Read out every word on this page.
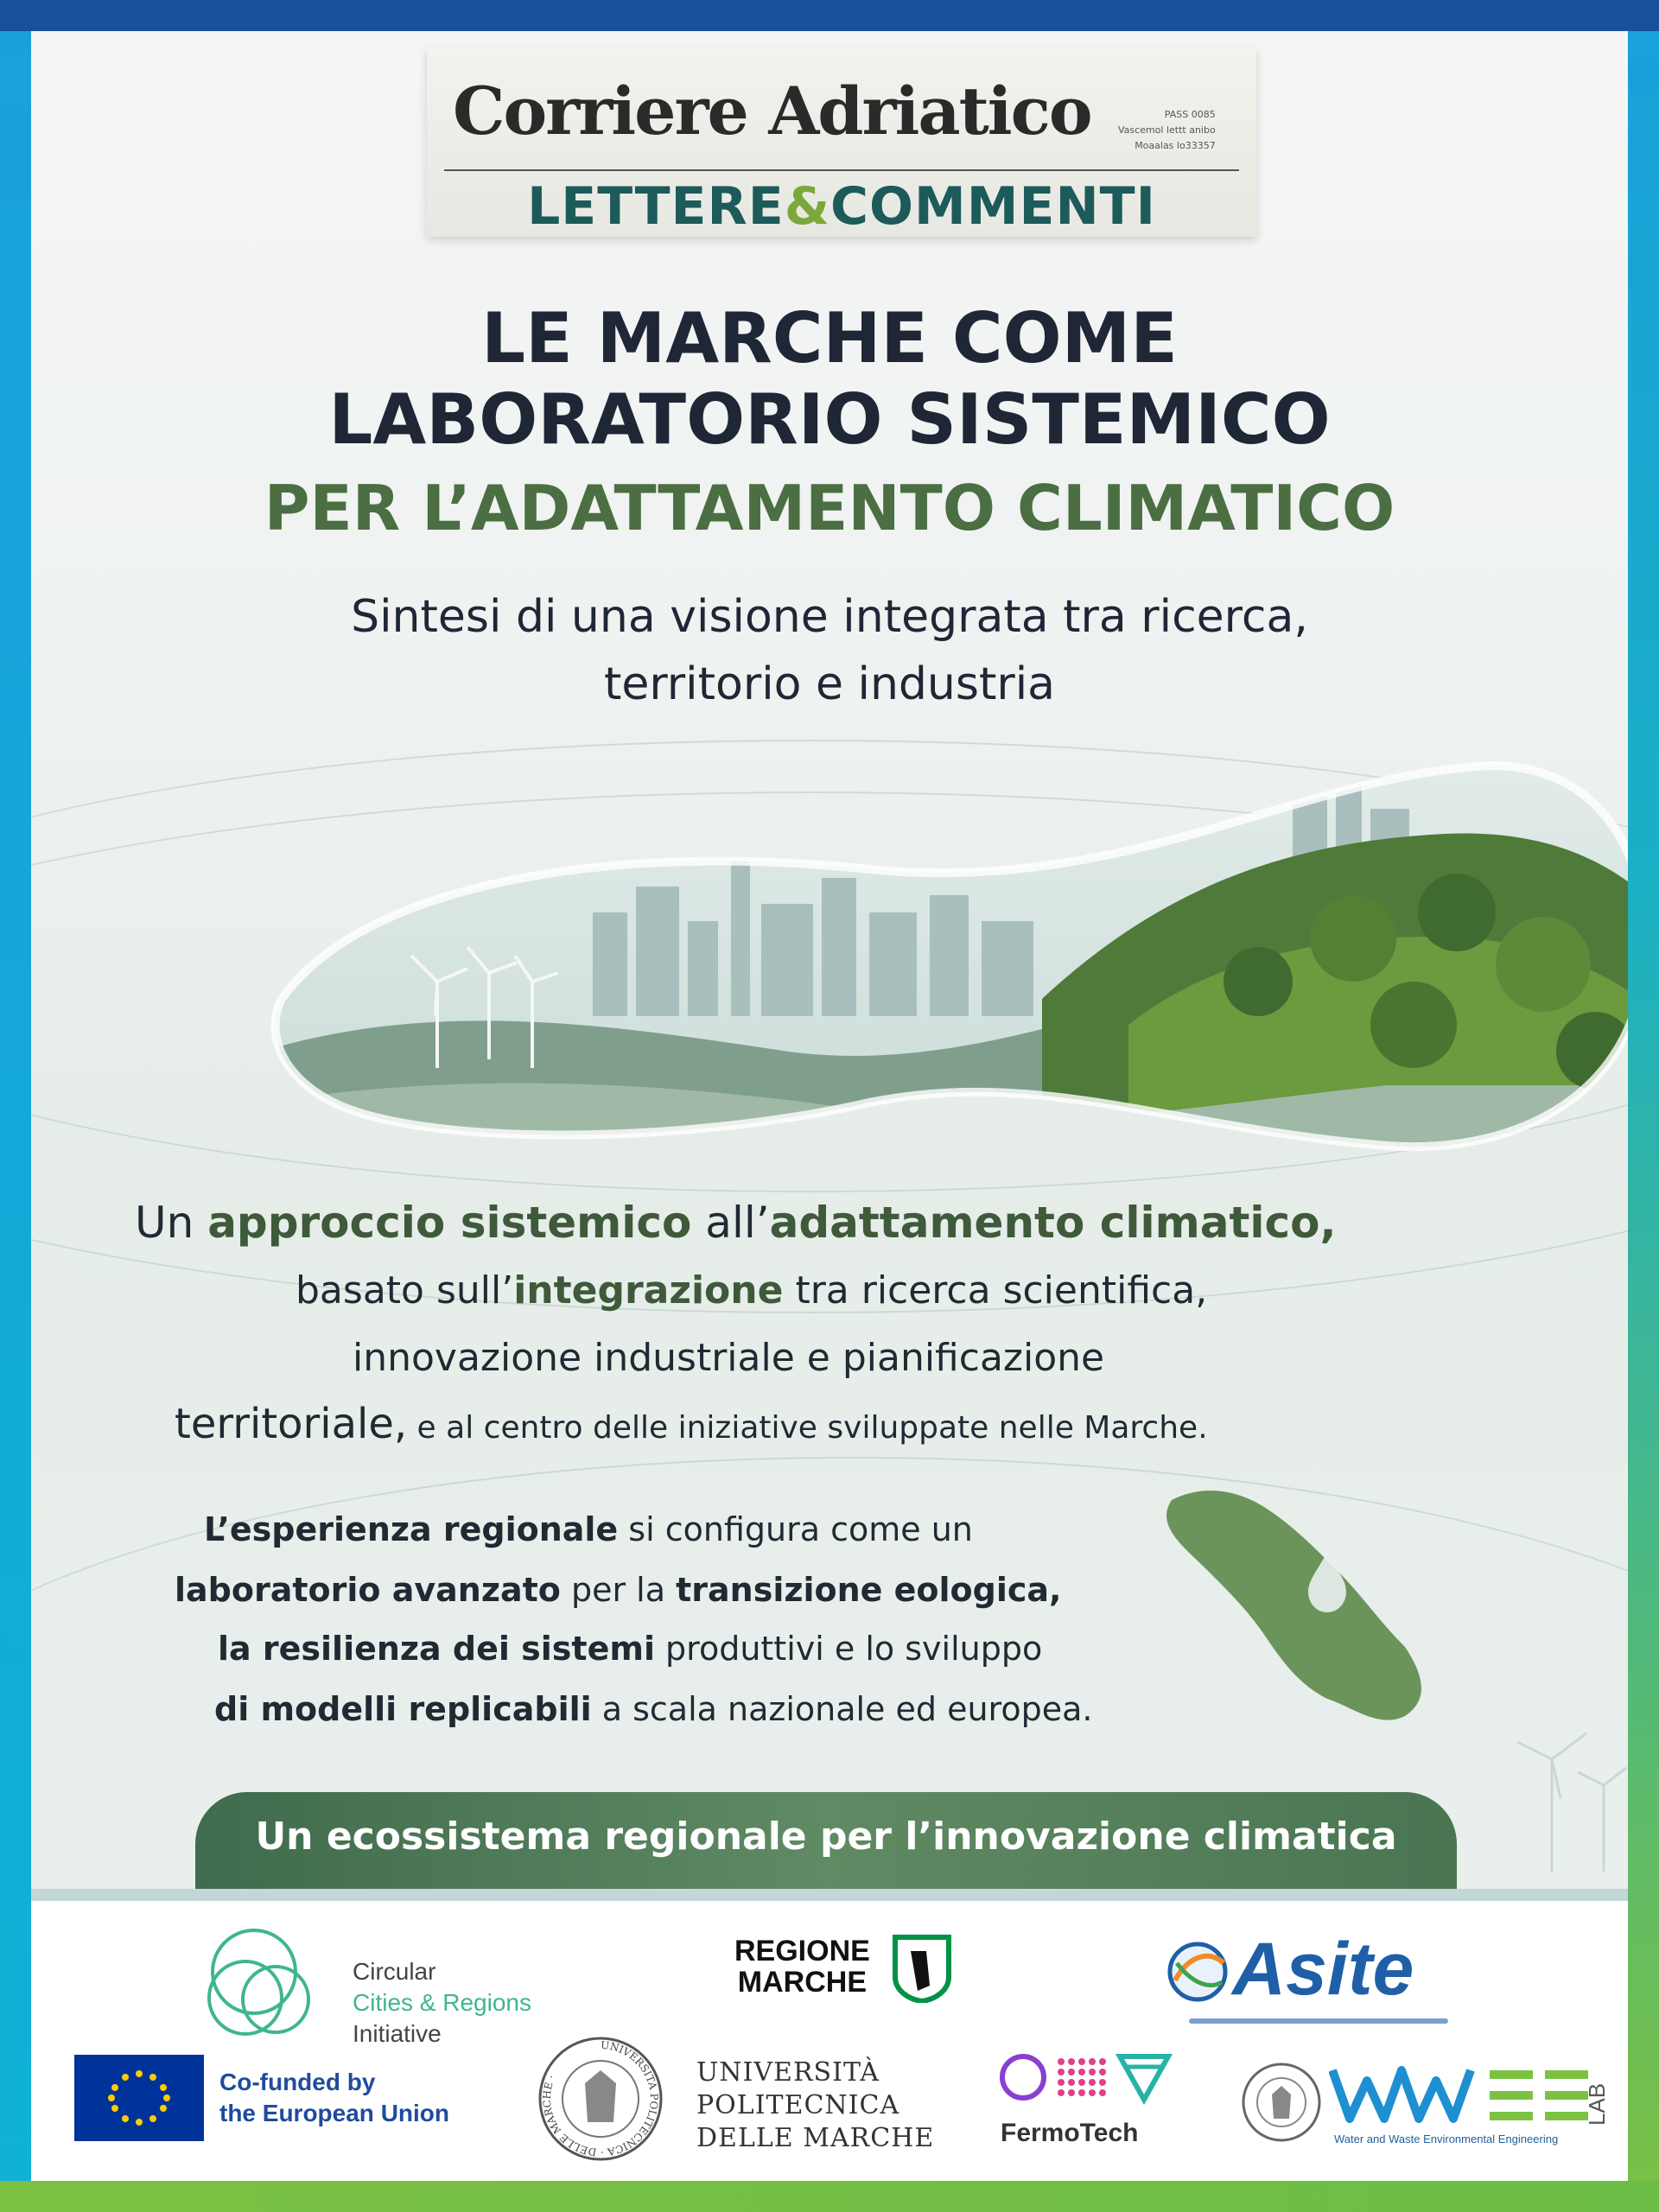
Corriere Adriatico	PASS 0085
Vascemol lettt anibo
Moaalas lo33357
LETTERE&COMMENTI
LE MARCHE COME
LABORATORIO SISTEMICO
PER L’ADATTAMENTO CLIMATICO
Sintesi di una visione integrata tra ricerca,
territorio e industria
Un approccio sistemico all’adattamento climatico,
basato sull’integrazione tra ricerca scientifica,
innovazione industriale e pianificazione
territoriale, e al centro delle iniziative sviluppate nelle Marche.
L’esperienza regionale si configura come un
laboratorio avanzato per la transizione eologica,
la resilienza dei sistemi produttivi e lo sviluppo
di modelli replicabili a scala nazionale ed europea.
Un ecossistema regionale per l’innovazione climatica
Circular
Cities & Regions
Initiative
REGIONE
MARCHE	Asite
Co-funded by
the European Union
UNIVERSITA POLITECNICA · DELLE MARCHE ·	UNIVERSITÀ
POLITECNICA
DELLE MARCHE	FermoTech	Water and Waste Environmental Engineering
LAB
